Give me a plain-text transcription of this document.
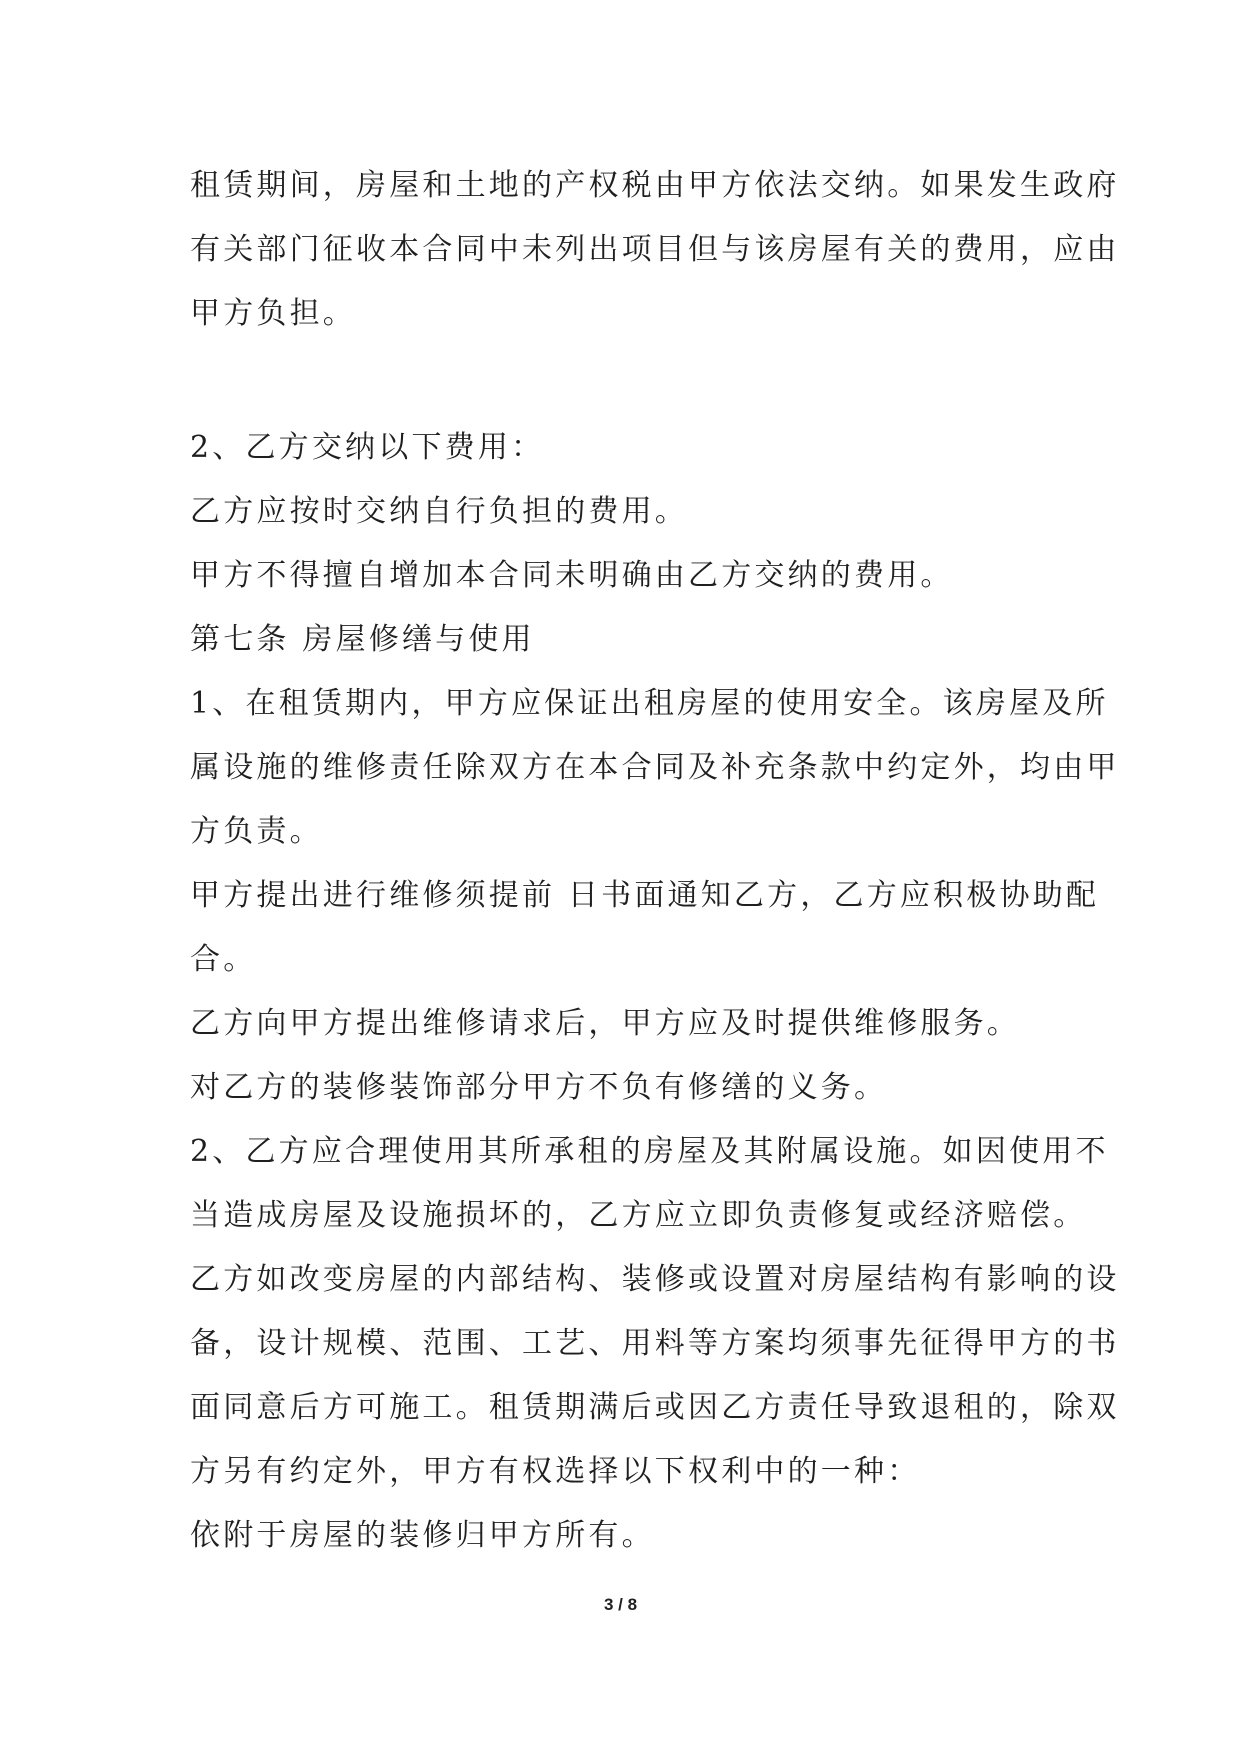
租赁期间，房屋和土地的产权税由甲方依法交纳。如果发生政府

有关部门征收本合同中未列出项目但与该房屋有关的费用，应由

甲方负担。

2、乙方交纳以下费用：

乙方应按时交纳自行负担的费用。

甲方不得擅自增加本合同未明确由乙方交纳的费用。

第七条 房屋修缮与使用

1、在租赁期内，甲方应保证出租房屋的使用安全。该房屋及所

属设施的维修责任除双方在本合同及补充条款中约定外，均由甲

方负责。

甲方提出进行维修须提前 日书面通知乙方，乙方应积极协助配

合。

乙方向甲方提出维修请求后，甲方应及时提供维修服务。

对乙方的装修装饰部分甲方不负有修缮的义务。

2、乙方应合理使用其所承租的房屋及其附属设施。如因使用不

当造成房屋及设施损坏的，乙方应立即负责修复或经济赔偿。

乙方如改变房屋的内部结构、装修或设置对房屋结构有影响的设

备，设计规模、范围、工艺、用料等方案均须事先征得甲方的书

面同意后方可施工。租赁期满后或因乙方责任导致退租的，除双

方另有约定外，甲方有权选择以下权利中的一种：

依附于房屋的装修归甲方所有。

3 / 8
